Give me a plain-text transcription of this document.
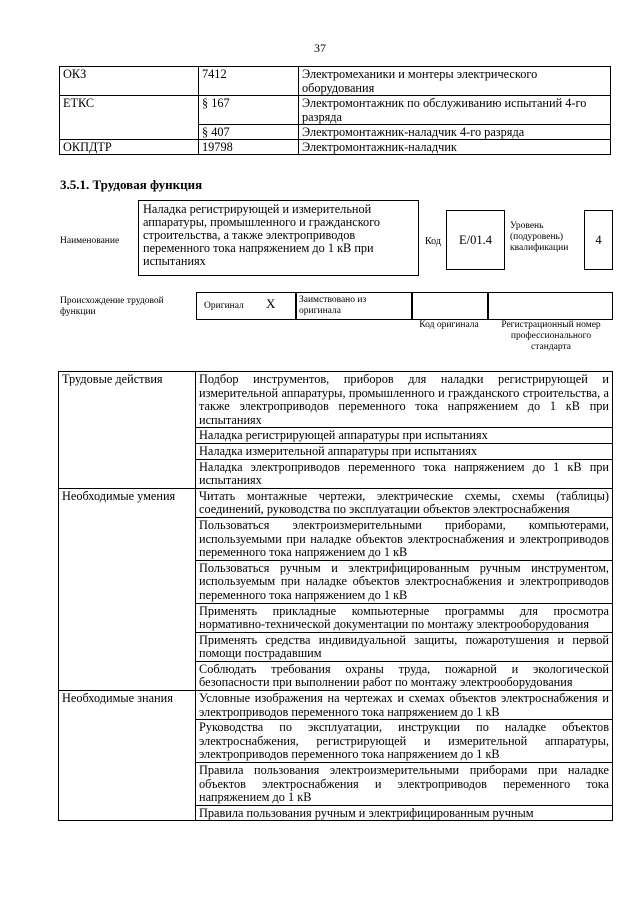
37
ОКЗ	7412	Электромеханики и монтеры электрического оборудования
ЕТКС	§ 167	Электромонтажник по обслуживанию испытаний 4-го разряда
	§ 407	Электромонтажник-наладчик 4-го разряда
ОКПДТР	19798	Электромонтажник-наладчик
3.5.1. Трудовая функция
Наименование
Наладка регистрирующей и измерительной аппаратуры, промышленного и гражданского строительства, а также электроприводов переменного тока напряжением до 1 кВ при испытаниях
Код	E/01.4
Уровень (подуровень) квалификации
4
Происхождение трудовой функции
Оригинал X Заимствовано из оригинала
Код оригинала	Регистрационный номер профессионального стандарта
Трудовые действия	Подбор инструментов, приборов для наладки регистрирующей и измерительной аппаратуры, промышленного и гражданского строительства, а также электроприводов переменного тока напряжением до 1 кВ при испытаниях
	Наладка регистрирующей аппаратуры при испытаниях
	Наладка измерительной аппаратуры при испытаниях
	Наладка электроприводов переменного тока напряжением до 1 кВ при испытаниях
Необходимые умения	Читать монтажные чертежи, электрические схемы, схемы (таблицы) соединений, руководства по эксплуатации объектов электроснабжения
	Пользоваться электроизмерительными приборами, компьютерами, используемыми при наладке объектов электроснабжения и электроприводов переменного тока напряжением до 1 кВ
	Пользоваться ручным и электрифицированным ручным инструментом, используемым при наладке объектов электроснабжения и электроприводов переменного тока напряжением до 1 кВ
	Применять прикладные компьютерные программы для просмотра нормативно-технической документации по монтажу электрооборудования
	Применять средства индивидуальной защиты, пожаротушения и первой помощи пострадавшим
	Соблюдать требования охраны труда, пожарной и экологической безопасности при выполнении работ по монтажу электрооборудования
Необходимые знания	Условные изображения на чертежах и схемах объектов электроснабжения и электроприводов переменного тока напряжением до 1 кВ
	Руководства по эксплуатации, инструкции по наладке объектов электроснабжения, регистрирующей и измерительной аппаратуры, электроприводов переменного тока напряжением до 1 кВ
	Правила пользования электроизмерительными приборами при наладке объектов электроснабжения и электроприводов переменного тока напряжением до 1 кВ
	Правила пользования ручным и электрифицированным ручным
